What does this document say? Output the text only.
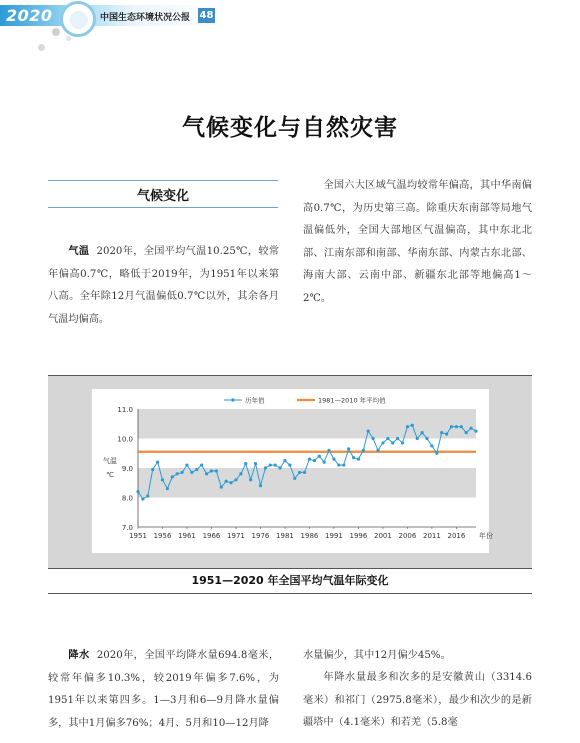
2020	中国生态环境状况公报 48
气候变化与自然灾害
气候变化
气温 2020年，全国平均气温10.25℃，较常年偏高0.7℃，略低于2019年，为1951年以来第八高。全年除12月气温偏低0.7℃以外，其余各月气温均偏高。
全国六大区域气温均较常年偏高，其中华南偏高0.7℃，为历史第三高。除重庆东南部等局地气温偏低外，全国大部地区气温偏高，其中东北北部、江南东部和南部、华南东部、内蒙古东北部、海南大部、云南中部、新疆东北部等地偏高1～2℃。
7.0
8.0
9.0
10.0
11.0
1951 1956 1961 1966 1971 1976 1981 1986 1991 1996 2001 2006 2011 2016 年份
气温
℃
历年值	1981—2010 年平均值
1951—2020 年全国平均气温年际变化
降水 2020年，全国平均降水量694.8毫米，较常年偏多10.3%，较2019年偏多7.6%，为1951年以来第四多。1—3月和6—9月降水量偏多，其中1月偏多76%；4月、5月和10—12月降
水量偏少，其中12月偏少45%。
年降水量最多和次多的是安徽黄山（3314.6毫米）和祁门（2975.8毫米），最少和次少的是新疆塔中（4.1毫米）和若羌（5.8毫
